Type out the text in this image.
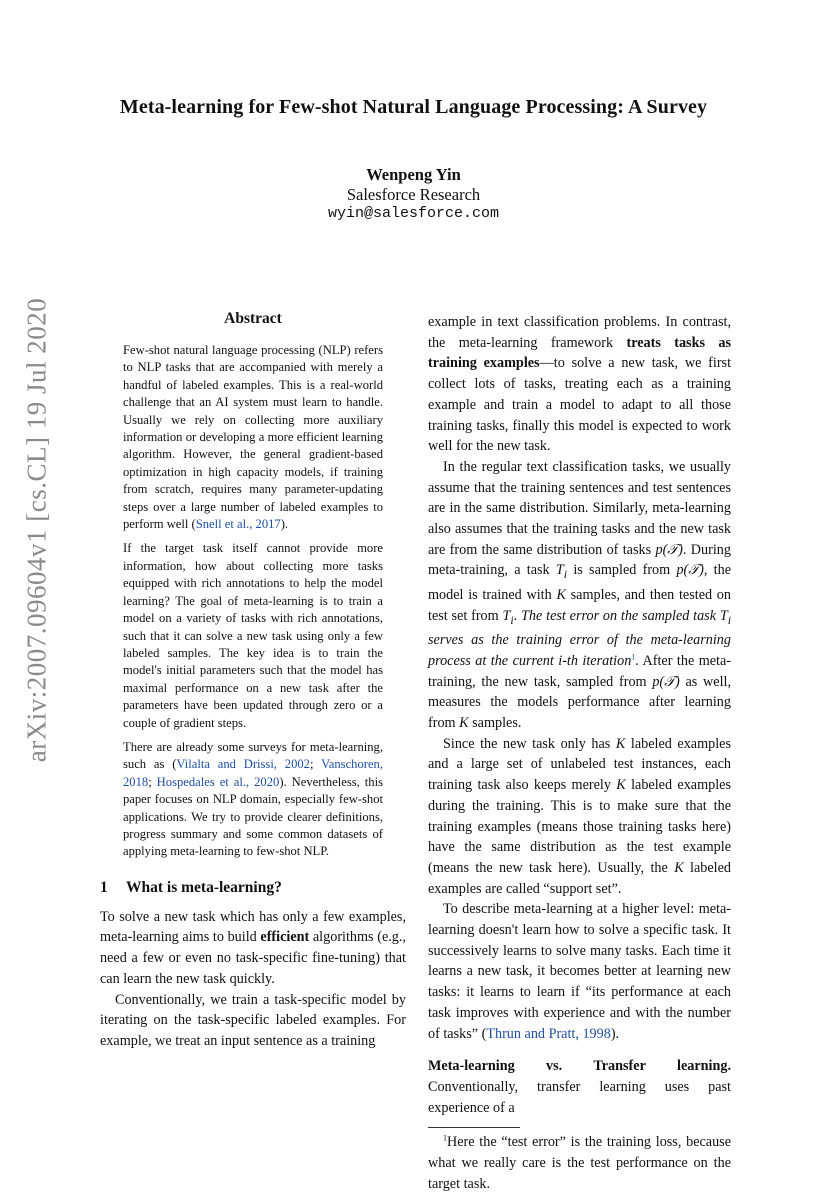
Meta-learning for Few-shot Natural Language Processing: A Survey
Wenpeng Yin
Salesforce Research
wyin@salesforce.com
arXiv:2007.09604v1 [cs.CL] 19 Jul 2020	Abstract

Few-shot natural language processing (NLP) refers to NLP tasks that are accompanied with merely a handful of labeled examples. This is a real-world challenge that an AI system must learn to handle. Usually we rely on collecting more auxiliary information or developing a more efficient learning algorithm. However, the general gradient-based optimization in high capacity models, if training from scratch, requires many parameter-updating steps over a large number of labeled examples to perform well (Snell et al., 2017).

If the target task itself cannot provide more information, how about collecting more tasks equipped with rich annotations to help the model learning? The goal of meta-learning is to train a model on a variety of tasks with rich annotations, such that it can solve a new task using only a few labeled samples. The key idea is to train the model's initial parameters such that the model has maximal performance on a new task after the parameters have been updated through zero or a couple of gradient steps.

There are already some surveys for meta-learning, such as (Vilalta and Drissi, 2002; Vanschoren, 2018; Hospedales et al., 2020). Nevertheless, this paper focuses on NLP domain, especially few-shot applications. We try to provide clearer definitions, progress summary and some common datasets of applying meta-learning to few-shot NLP.

1 What is meta-learning?

To solve a new task which has only a few examples, meta-learning aims to build efficient algorithms (e.g., need a few or even no task-specific fine-tuning) that can learn the new task quickly.

Conventionally, we train a task-specific model by iterating on the task-specific labeled examples. For example, we treat an input sentence as a training

example in text classification problems. In contrast, the meta-learning framework treats tasks as training examples—to solve a new task, we first collect lots of tasks, treating each as a training example and train a model to adapt to all those training tasks, finally this model is expected to work well for the new task.

In the regular text classification tasks, we usually assume that the training sentences and test sentences are in the same distribution. Similarly, meta-learning also assumes that the training tasks and the new task are from the same distribution of tasks p(𝒯). During meta-training, a task $T_i$ is sampled from p(𝒯), the model is trained with K samples, and then tested on test set from $T_i$. The test error on the sampled task $T_i$ serves as the training error of the meta-learning process at the current i-th iteration$^1$. After the meta-training, the new task, sampled from p(𝒯) as well, measures the models performance after learning from K samples.

Since the new task only has K labeled examples and a large set of unlabeled test instances, each training task also keeps merely K labeled examples during the training. This is to make sure that the training examples (means those training tasks here) have the same distribution as the test example (means the new task here). Usually, the K labeled examples are called “support set”.

To describe meta-learning at a higher level: meta-learning doesn't learn how to solve a specific task. It successively learns to solve many tasks. Each time it learns a new task, it becomes better at learning new tasks: it learns to learn if “its performance at each task improves with experience and with the number of tasks” (Thrun and Pratt, 1998).

Meta-learning vs. Transfer learning. Conventionally, transfer learning uses past experience of a

$^1$Here the “test error” is the training loss, because what we really care is the test performance on the target task.
